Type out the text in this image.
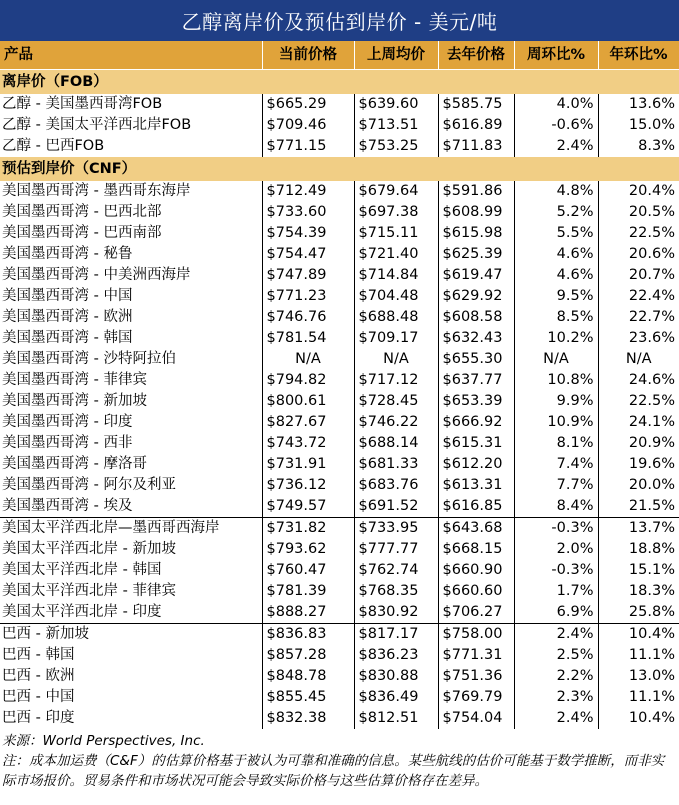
乙醇离岸价及预估到岸价 - 美元/吨
产品	当前价格	上周均价	去年价格	周环比%	年环比%
离岸价（FOB）					
乙醇 - 美国墨西哥湾FOB	$665.29	$639.60	$585.75	4.0%	13.6%
乙醇 - 美国太平洋西北岸FOB	$709.46	$713.51	$616.89	-0.6%	15.0%
乙醇 - 巴西FOB	$771.15	$753.25	$711.83	2.4%	8.3%
预估到岸价（CNF）					
美国墨西哥湾 - 墨西哥东海岸	$712.49	$679.64	$591.86	4.8%	20.4%
美国墨西哥湾 - 巴西北部	$733.60	$697.38	$608.99	5.2%	20.5%
美国墨西哥湾 - 巴西南部	$754.39	$715.11	$615.98	5.5%	22.5%
美国墨西哥湾 - 秘鲁	$754.47	$721.40	$625.39	4.6%	20.6%
美国墨西哥湾 - 中美洲西海岸	$747.89	$714.84	$619.47	4.6%	20.7%
美国墨西哥湾 - 中国	$771.23	$704.48	$629.92	9.5%	22.4%
美国墨西哥湾 - 欧洲	$746.76	$688.48	$608.58	8.5%	22.7%
美国墨西哥湾 - 韩国	$781.54	$709.17	$632.43	10.2%	23.6%
美国墨西哥湾 - 沙特阿拉伯	N/A	N/A	$655.30	N/A	N/A
美国墨西哥湾 - 菲律宾	$794.82	$717.12	$637.77	10.8%	24.6%
美国墨西哥湾 - 新加坡	$800.61	$728.45	$653.39	9.9%	22.5%
美国墨西哥湾 - 印度	$827.67	$746.22	$666.92	10.9%	24.1%
美国墨西哥湾 - 西非	$743.72	$688.14	$615.31	8.1%	20.9%
美国墨西哥湾 - 摩洛哥	$731.91	$681.33	$612.20	7.4%	19.6%
美国墨西哥湾 - 阿尔及利亚	$736.12	$683.76	$613.31	7.7%	20.0%
美国墨西哥湾 - 埃及	$749.57	$691.52	$616.85	8.4%	21.5%
美国太平洋西北岸—墨西哥西海岸	$731.82	$733.95	$643.68	-0.3%	13.7%
美国太平洋西北岸 - 新加坡	$793.62	$777.77	$668.15	2.0%	18.8%
美国太平洋西北岸 - 韩国	$760.47	$762.74	$660.90	-0.3%	15.1%
美国太平洋西北岸 - 菲律宾	$781.39	$768.35	$660.60	1.7%	18.3%
美国太平洋西北岸 - 印度	$888.27	$830.92	$706.27	6.9%	25.8%
巴西 - 新加坡	$836.83	$817.17	$758.00	2.4%	10.4%
巴西 - 韩国	$857.28	$836.23	$771.31	2.5%	11.1%
巴西 - 欧洲	$848.78	$830.88	$751.36	2.2%	13.0%
巴西 - 中国	$855.45	$836.49	$769.79	2.3%	11.1%
巴西 - 印度	$832.38	$812.51	$754.04	2.4%	10.4%
来源：World Perspectives, Inc.
注：成本加运费（C&F）的估算价格基于被认为可靠和准确的信息。某些航线的估价可能基于数学推断，而非实际市场报价。贸易条件和市场状况可能会导致实际价格与这些估算价格存在差异。
